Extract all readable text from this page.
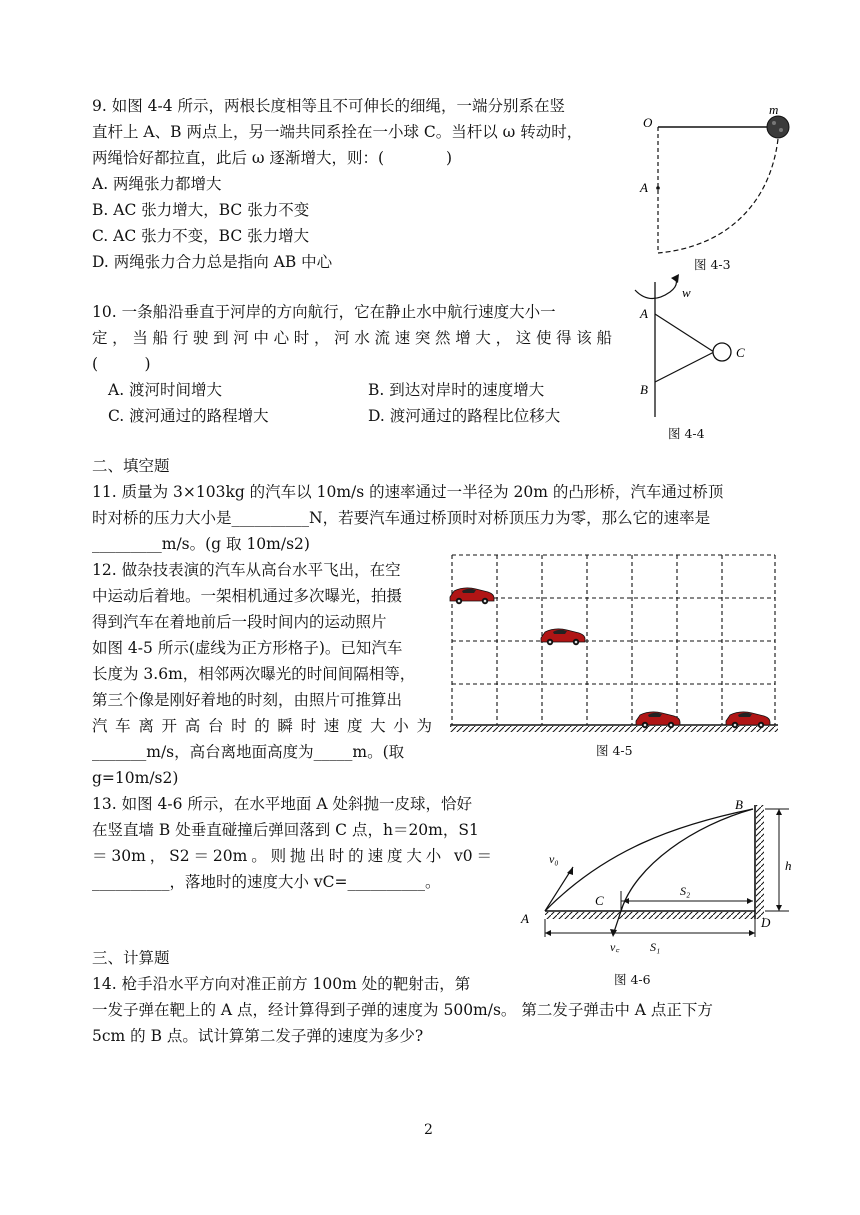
9. 如图 4-4 所示，两根长度相等且不可伸长的细绳，一端分别系在竖
直杆上 A、B 两点上，另一端共同系拴在一小球 C。当杆以 ω 转动时，
两绳恰好都拉直，此后 ω 逐渐增大，则：(　　　　)
A. 两绳张力都增大
B. AC 张力增大，BC 张力不变
C. AC 张力不变，BC 张力增大
D. 两绳张力合力总是指向 AB 中心
10. 一条船沿垂直于河岸的方向航行，它在静止水中航行速度大小一
定，当船行驶到河中心时，河水流速突然增大，这使得该船
(　　　)
A. 渡河时间增大	B. 到达对岸时的速度增大
C. 渡河通过的路程增大	D. 渡河通过的路程比位移大
二、填空题
11. 质量为 3×103kg 的汽车以 10m/s 的速率通过一半径为 20m 的凸形桥，汽车通过桥顶
时对桥的压力大小是__________N，若要汽车通过桥顶时对桥顶压力为零，那么它的速率是
_________m/s。(g 取 10m/s2)
12. 做杂技表演的汽车从高台水平飞出，在空
中运动后着地。一架相机通过多次曝光，拍摄
得到汽车在着地前后一段时间内的运动照片
如图 4-5 所示(虚线为正方形格子)。已知汽车
长度为 3.6m，相邻两次曝光的时间间隔相等，
第三个像是刚好着地的时刻，由照片可推算出
汽车离开高台时的瞬时速度大小为
_______m/s，高台离地面高度为_____m。(取
g=10m/s2)
13. 如图 4-6 所示，在水平地面 A 处斜抛一皮球，恰好
在竖直墙 B 处垂直碰撞后弹回落到 C 点，h＝20m，S1
＝30m，S2＝20m。则抛出时的速度大小 v0＝
__________，落地时的速度大小 vC=__________。
三、计算题
14. 枪手沿水平方向对准正前方 100m 处的靶射击，第
一发子弹在靶上的 A 点，经计算得到子弹的速度为 500m/s。 第二发子弹击中 A 点正下方
5cm 的 B 点。试计算第二发子弹的速度为多少?
2
O
m
A
图 4-3
w
A
B
C
图 4-4
图 4-5
B
h
v₀
C
S₂
A	D
v꜀	S₁
图 4-6
